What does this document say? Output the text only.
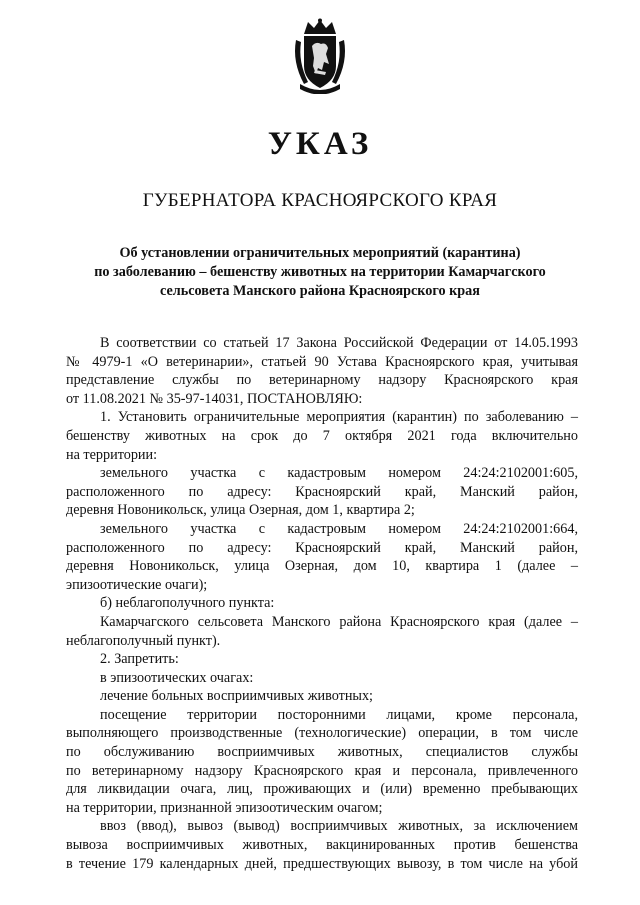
УКАЗ
ГУБЕРНАТОРА КРАСНОЯРСКОГО КРАЯ
Об установлении ограничительных мероприятий (карантина)
по заболеванию – бешенству животных на территории Камарчагского
сельсовета Манского района Красноярского края

В соответствии со статьей 17 Закона Российской Федерации от 14.05.1993

№ 4979-1 «О ветеринарии», статьей 90 Устава Красноярского края, учитывая

представление службы по ветеринарному надзору Красноярского края

от 11.08.2021 № 35-97-14031, ПОСТАНОВЛЯЮ:

1. Установить ограничительные мероприятия (карантин) по заболеванию –

бешенству животных на срок до 7 октября 2021 года включительно

на территории:

земельного участка с кадастровым номером 24:24:2102001:605,

расположенного по адресу: Красноярский край, Манский район,

деревня Новоникольск, улица Озерная, дом 1, квартира 2;

земельного участка с кадастровым номером 24:24:2102001:664,

расположенного по адресу: Красноярский край, Манский район,

деревня Новоникольск, улица Озерная, дом 10, квартира 1 (далее –

эпизоотические очаги);

б) неблагополучного пункта:

Камарчагского сельсовета Манского района Красноярского края (далее –

неблагополучный пункт).

2. Запретить:

в эпизоотических очагах:

лечение больных восприимчивых животных;

посещение территории посторонними лицами, кроме персонала,

выполняющего производственные (технологические) операции, в том числе

по обслуживанию восприимчивых животных, специалистов службы

по ветеринарному надзору Красноярского края и персонала, привлеченного

для ликвидации очага, лиц, проживающих и (или) временно пребывающих

на территории, признанной эпизоотическим очагом;

ввоз (ввод), вывоз (вывод) восприимчивых животных, за исключением

вывоза восприимчивых животных, вакцинированных против бешенства

в течение 179 календарных дней, предшествующих вывозу, в том числе на убой
